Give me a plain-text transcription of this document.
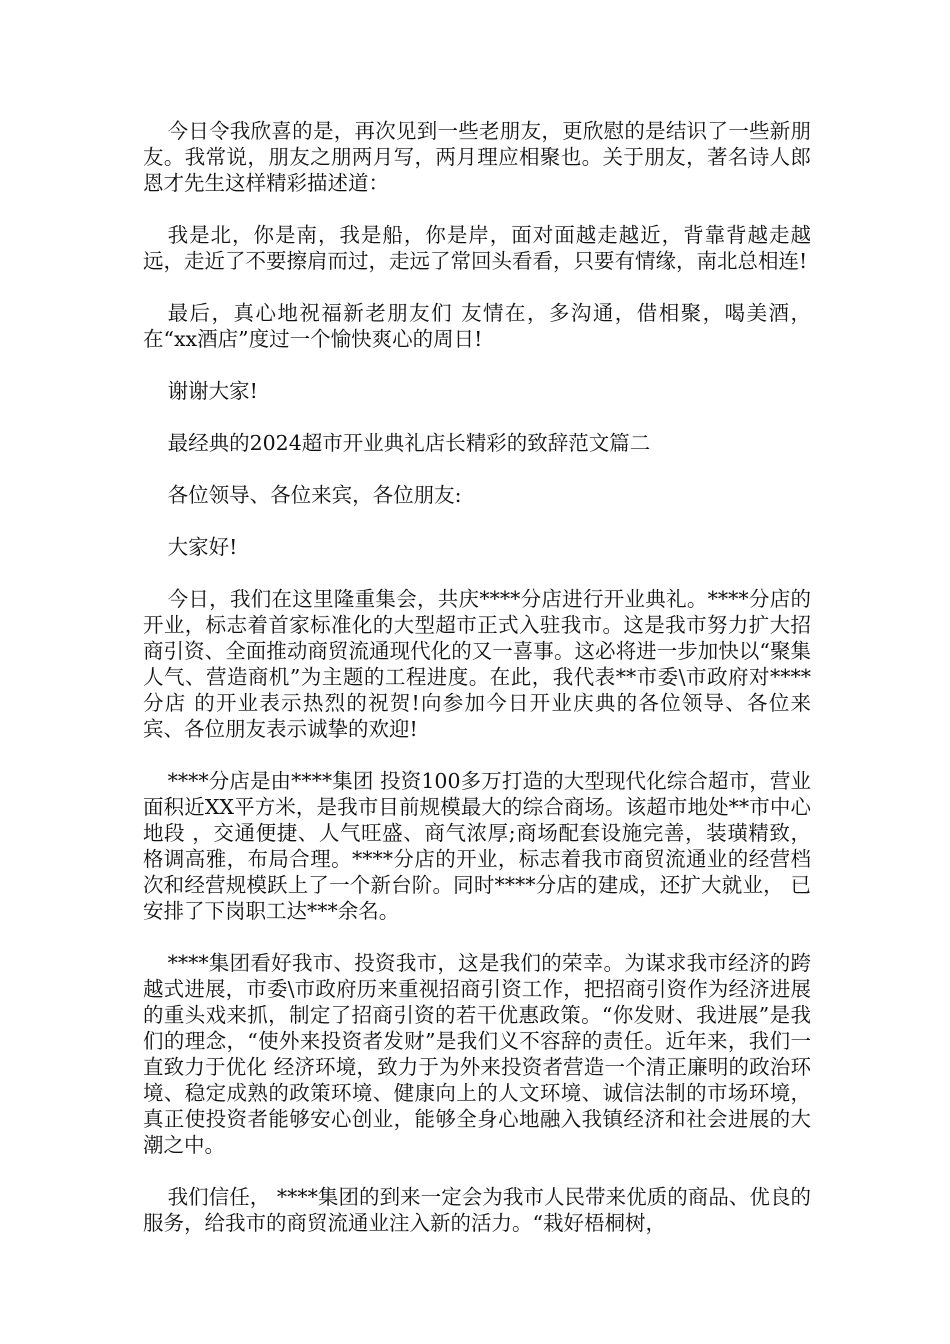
今日令我欣喜的是，再次见到一些老朋友，更欣慰的是结识了一些新朋友。我常说，朋友之朋两月写，两月理应相聚也。关于朋友，著名诗人郎恩才先生这样精彩描述道：

我是北，你是南，我是船，你是岸，面对面越走越近，背靠背越走越远，走近了不要擦肩而过，走远了常回头看看，只要有情缘，南北总相连!

最后，真心地祝福新老朋友们 友情在，多沟通，借相聚，喝美酒，在“xx酒店”度过一个愉快爽心的周日!

谢谢大家!

最经典的2024超市开业典礼店长精彩的致辞范文篇二

各位领导、各位来宾，各位朋友:

大家好!

今日，我们在这里隆重集会，共庆****分店进行开业典礼。****分店的开业，标志着首家标准化的大型超市正式入驻我市。这是我市努力扩大招商引资、全面推动商贸流通现代化的又一喜事。这必将进一步加快以“聚集人气、营造商机”为主题的工程进度。在此，我代表**市委\市政府对****分店 的开业表示热烈的祝贺!向参加今日开业庆典的各位领导、各位来宾、各位朋友表示诚挚的欢迎!

****分店是由****集团 投资100多万打造的大型现代化综合超市，营业面积近XX平方米，是我市目前规模最大的综合商场。该超市地处**市中心地段 ，交通便捷、人气旺盛、商气浓厚;商场配套设施完善，装璜精致，格调高雅，布局合理。****分店的开业，标志着我市商贸流通业的经营档次和经营规模跃上了一个新台阶。同时****分店的建成，还扩大就业， 已安排了下岗职工达***余名。

****集团看好我市、投资我市，这是我们的荣幸。为谋求我市经济的跨越式进展，市委\市政府历来重视招商引资工作，把招商引资作为经济进展的重头戏来抓，制定了招商引资的若干优惠政策。“你发财、我进展”是我们的理念，“使外来投资者发财”是我们义不容辞的责任。近年来，我们一直致力于优化 经济环境，致力于为外来投资者营造一个清正廉明的政治环境、稳定成熟的政策环境、健康向上的人文环境、诚信法制的市场环境，真正使投资者能够安心创业，能够全身心地融入我镇经济和社会进展的大潮之中。

我们信任， ****集团的到来一定会为我市人民带来优质的商品、优良的服务，给我市的商贸流通业注入新的活力。“栽好梧桐树，
